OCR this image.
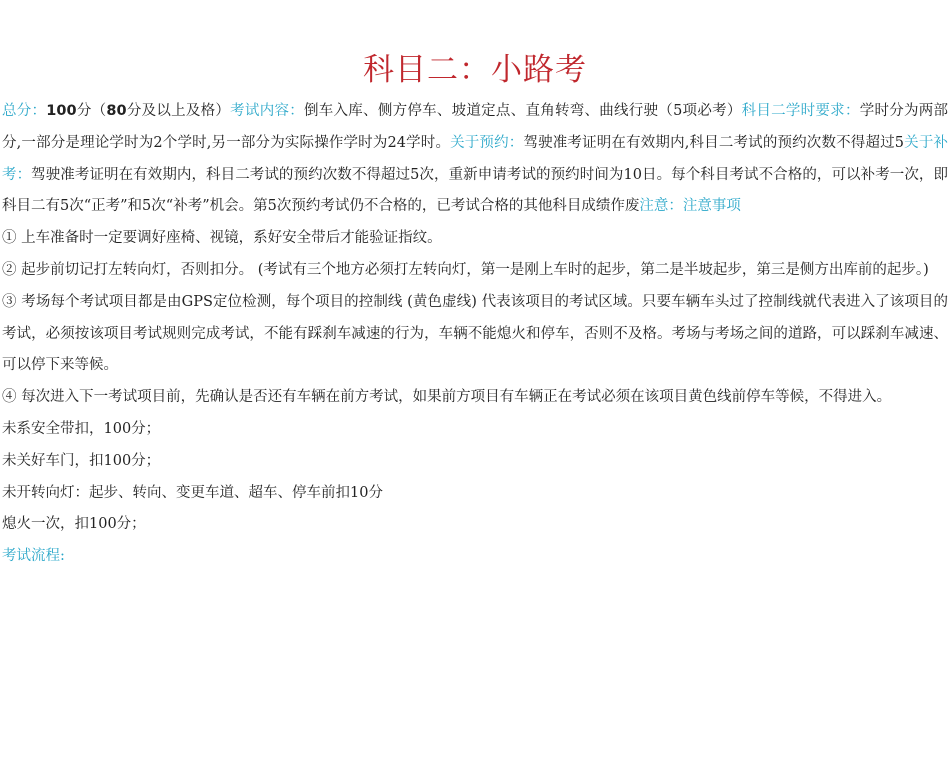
科目二：小路考

总分：100分（80分及以上及格）考试内容：倒车入库、侧方停车、坡道定点、直角转弯、曲线行驶（5项必考）科目二学时要求：学时分为两部分,一部分是理论学时为2个学时,另一部分为实际操作学时为24学时。关于预约：驾驶准考证明在有效期内,科目二考试的预约次数不得超过5关于补考：驾驶准考证明在有效期内，科目二考试的预约次数不得超过5次，重新申请考试的预约时间为10日。每个科目考试不合格的，可以补考一次，即科目二有5次“正考”和5次“补考”机会。第5次预约考试仍不合格的，已考试合格的其他科目成绩作废注意：注意事项

① 上车准备时一定要调好座椅、视镜，系好安全带后才能验证指纹。

② 起步前切记打左转向灯，否则扣分。 (考试有三个地方必须打左转向灯，第一是刚上车时的起步，第二是半坡起步，第三是侧方出库前的起步。)

③ 考场每个考试项目都是由GPS定位检测，每个项目的控制线 (黄色虚线) 代表该项目的考试区域。只要车辆车头过了控制线就代表进入了该项目的考试，必须按该项目考试规则完成考试，不能有踩刹车减速的行为，车辆不能熄火和停车，否则不及格。考场与考场之间的道路，可以踩刹车减速、可以停下来等候。

④ 每次进入下一考试项目前，先确认是否还有车辆在前方考试，如果前方项目有车辆正在考试必须在该项目黄色线前停车等候，不得进入。

未系安全带扣，100分；

未关好车门，扣100分；

未开转向灯：起步、转向、变更车道、超车、停车前扣10分

熄火一次，扣100分；

考试流程:
